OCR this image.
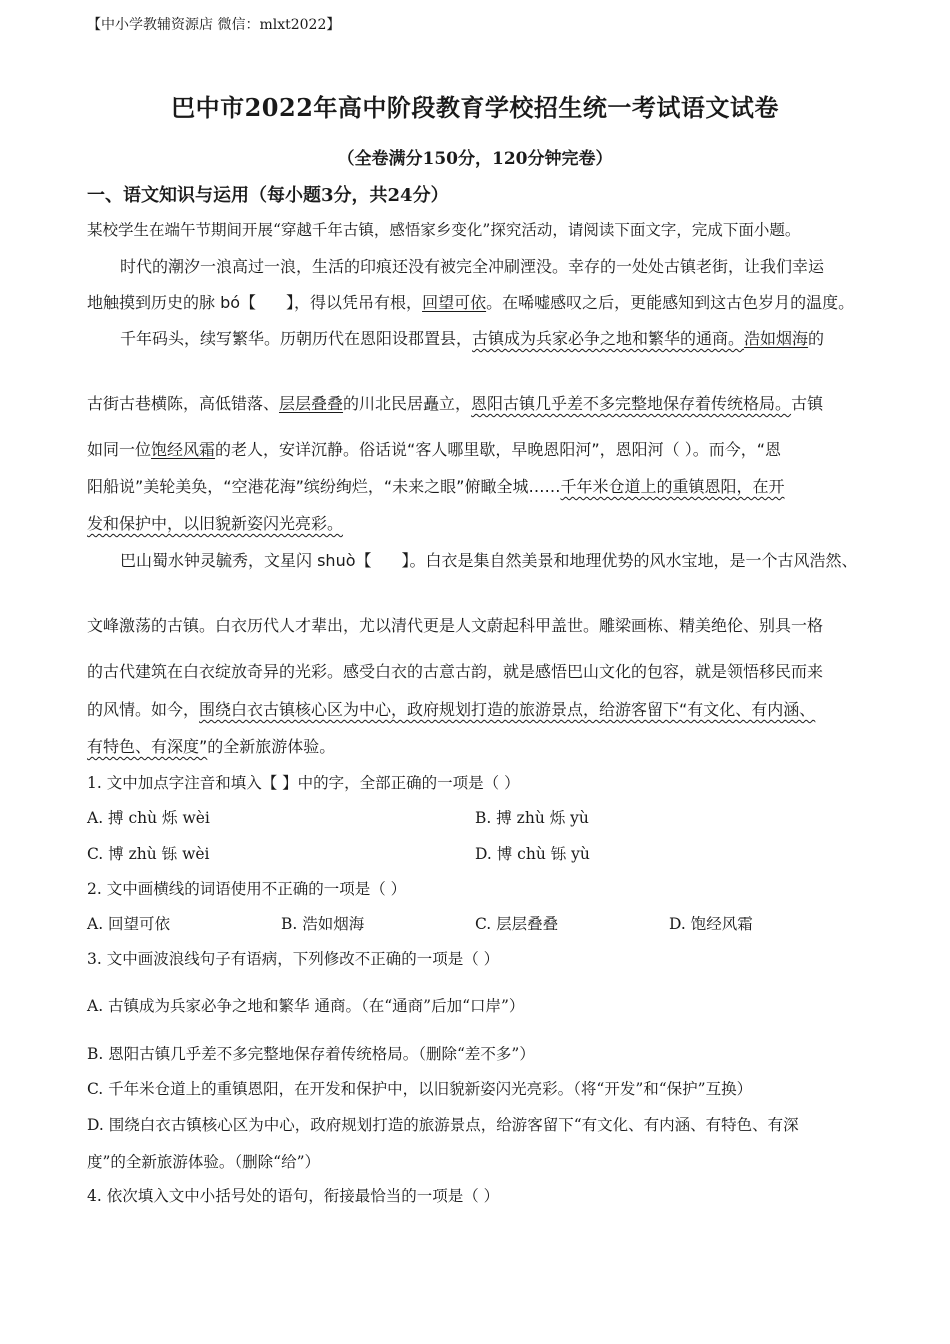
【中小学教辅资源店 微信：mlxt2022】
巴中市2022年高中阶段教育学校招生统一考试语文试卷
（全卷满分150分，120分钟完卷）
一、语文知识与运用（每小题3分，共24分）
某校学生在端午节期间开展“穿越千年古镇，感悟家乡变化”探究活动，请阅读下面文字，完成下面小题。
时代的潮汐一浪高过一浪，生活的印痕还没有被完全冲刷湮没。幸存的一处处古镇老街，让我们幸运
地触摸到历史的脉 bó【 】，得以凭吊有根，回望可依。在唏嘘感叹之后，更能感知到这古色岁月的温度。
千年码头，续写繁华。历朝历代在恩阳设郡置县，古镇成为兵家必争之地和繁华的通商。浩如烟海的
古街古巷横陈，高低错落、层层叠叠的川北民居矗立，恩阳古镇几乎差不多完整地保存着传统格局。古镇
如同一位饱经风霜的老人，安详沉静。俗话说“客人哪里歇，早晚恩阳河”，恩阳河（ ）。而今，“恩
阳船说”美轮美奂，“空港花海”缤纷绚烂，“未来之眼”俯瞰全城……千年米仓道上的重镇恩阳，在开
发和保护中，以旧貌新姿闪光亮彩。
巴山蜀水钟灵毓秀，文星闪 shuò【 】。白衣是集自然美景和地理优势的风水宝地，是一个古风浩然、
文峰激荡的古镇。白衣历代人才辈出，尤以清代更是人文蔚起科甲盖世。雕梁画栋、精美绝伦、别具一格
的古代建筑在白衣绽放奇异的光彩。感受白衣的古意古韵，就是感悟巴山文化的包容，就是领悟移民而来
的风情。如今，围绕白衣古镇核心区为中心，政府规划打造的旅游景点，给游客留下“有文化、有内涵、
有特色、有深度”的全新旅游体验。
1. 文中加点字注音和填入【 】中的字，全部正确的一项是（ ）
A. 搏 chù 烁 wèi	B. 搏 zhù 烁 yù
C. 博 zhù 铄 wèi	D. 博 chù 铄 yù
2. 文中画横线的词语使用不正确的一项是（ ）
A. 回望可依	B. 浩如烟海	C. 层层叠叠	D. 饱经风霜
3. 文中画波浪线句子有语病，下列修改不正确的一项是（ ）
A. 古镇成为兵家必争之地和繁华 通商。（在“通商”后加“口岸”）
B. 恩阳古镇几乎差不多完整地保存着传统格局。（删除“差不多”）
C. 千年米仓道上的重镇恩阳，在开发和保护中，以旧貌新姿闪光亮彩。（将“开发”和“保护”互换）
D. 围绕白衣古镇核心区为中心，政府规划打造的旅游景点，给游客留下“有文化、有内涵、有特色、有深
度”的全新旅游体验。（删除“给”）
4. 依次填入文中小括号处的语句，衔接最恰当的一项是（ ）
